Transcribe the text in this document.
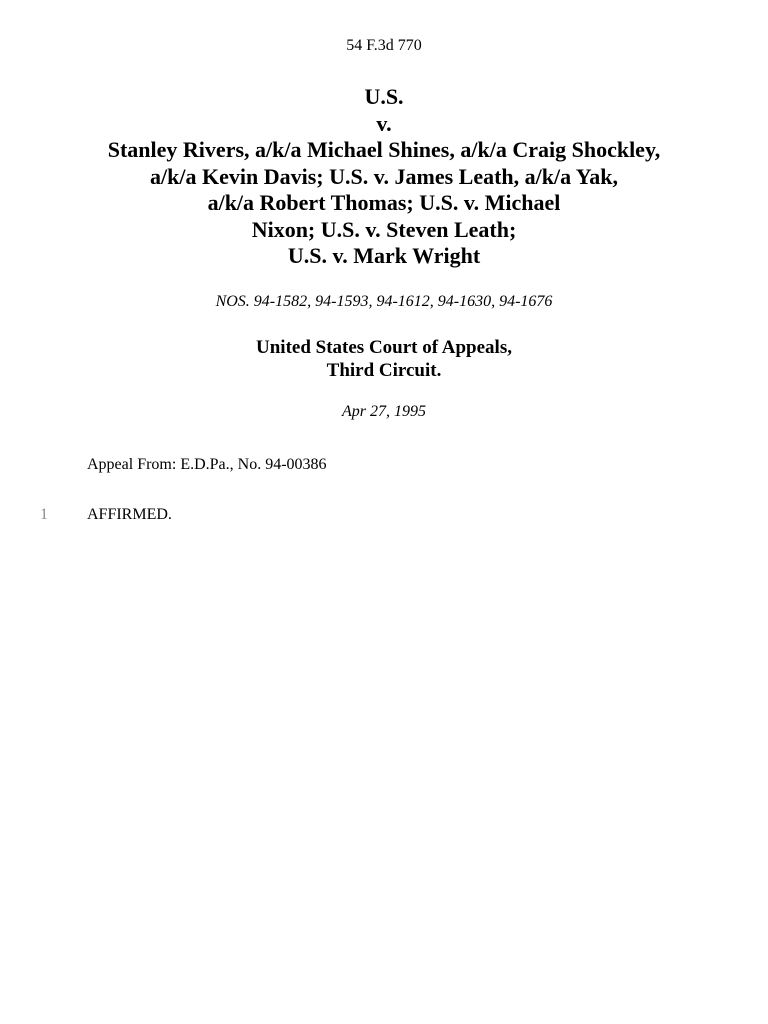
54 F.3d 770
U.S.
v.
Stanley Rivers, a/k/a Michael Shines, a/k/a Craig Shockley,
a/k/a Kevin Davis; U.S. v. James Leath, a/k/a Yak,
a/k/a Robert Thomas; U.S. v. Michael
Nixon; U.S. v. Steven Leath;
U.S. v. Mark Wright
NOS. 94-1582, 94-1593, 94-1612, 94-1630, 94-1676
United States Court of Appeals,
Third Circuit.
Apr 27, 1995
Appeal From: E.D.Pa., No. 94-00386
1	AFFIRMED.
